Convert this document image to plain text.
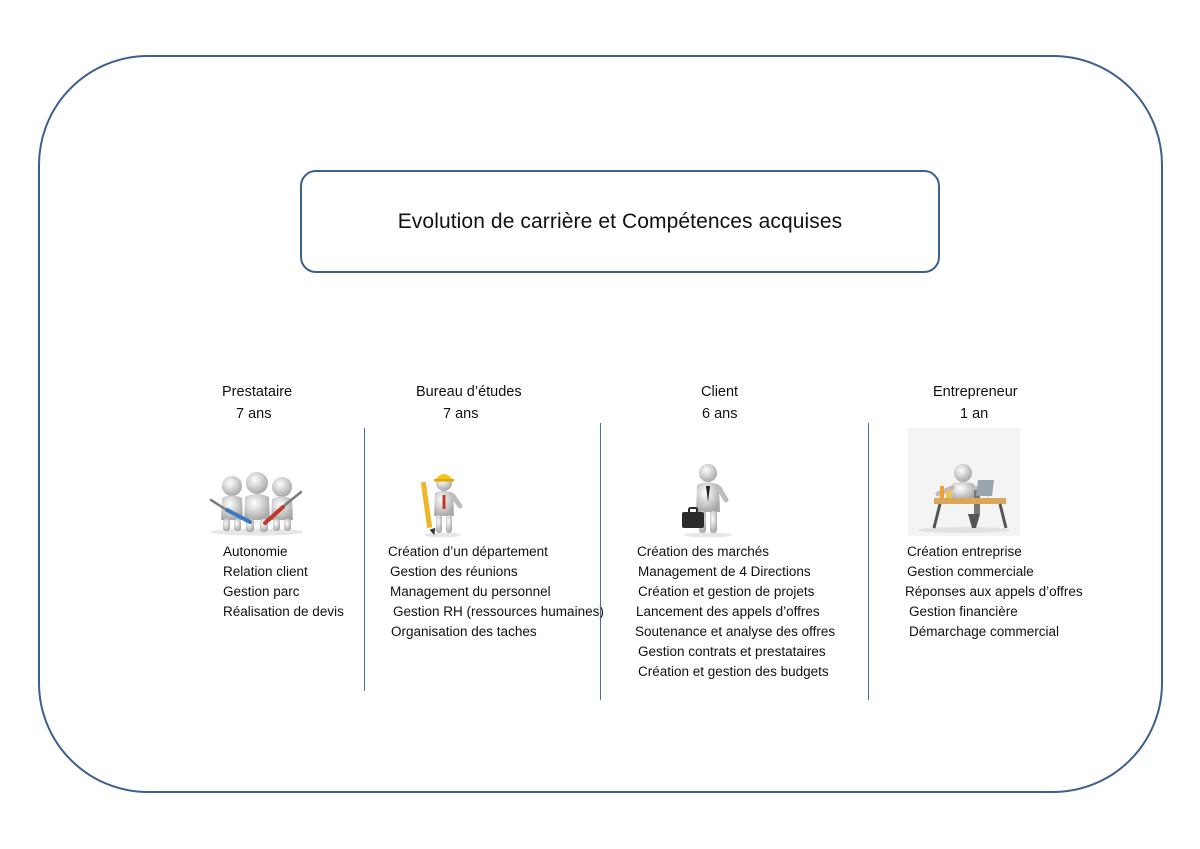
Evolution de carrière et Compétences acquises
Prestataire
7 ans
Autonomie
Relation client
Gestion parc
Réalisation de devis
Bureau d’études
7 ans
Création d’un département
Gestion des réunions
Management du personnel
Gestion RH (ressources humaines)
Organisation des taches
Client
6 ans
Création des marchés
Management de 4 Directions
Création et gestion de projets
Lancement des appels d’offres
Soutenance et analyse des offres
Gestion contrats et prestataires
Création et gestion des budgets
Entrepreneur
1 an
Création entreprise
Gestion commerciale
Réponses aux appels d’offres
Gestion financière
Démarchage commercial
